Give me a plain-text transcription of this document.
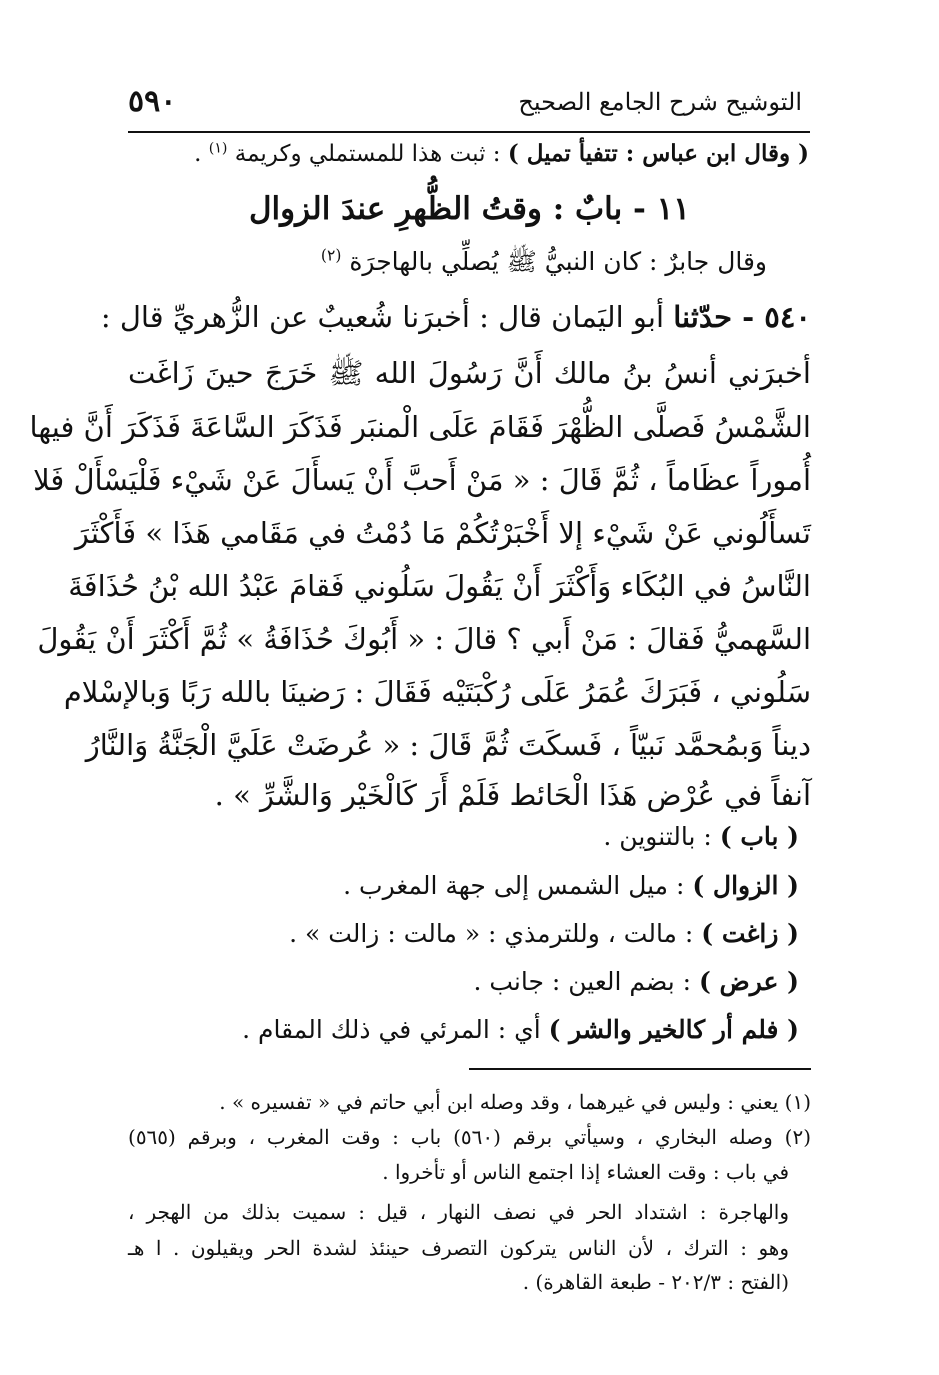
٥٩٠	التوشيح شرح الجامع الصحيح
( وقال ابن عباس : تتفيأ تميل ) : ثبت هذا للمستملي وكريمة $^{(١)}$ .
١١ - بابٌ : وقتُ الظُّهرِ عندَ الزوال
وقال جابرٌ : كان النبيُّ ﷺ يُصلِّي بالهاجرَة $^{(٢)}$
٥٤٠ - حدّثنا أبو اليَمان قال : أخبرَنا شُعيبٌ عن الزُّهريِّ قال :
أخبرَني أنسُ بنُ مالك أَنَّ رَسُولَ الله ﷺ خَرَجَ حينَ زَاغَت
الشَّمْسُ فَصلَّى الظُّهْرَ فَقَامَ عَلَى الْمنبَر فَذَكَرَ السَّاعَةَ فَذَكَرَ أَنَّ فيها
أُموراً عظَاماً ، ثُمَّ قَالَ : « مَنْ أَحبَّ أَنْ يَسأَلَ عَنْ شَيْء فَلْيَسْأَلْ فَلا
تَسأَلُوني عَنْ شَيْء إلا أَخْبَرْتُكُمْ مَا دُمْتُ في مَقَامي هَذَا » فَأَكْثَرَ
النَّاسُ في البُكَاء وَأَكْثَرَ أَنْ يَقُولَ سَلُوني فَقامَ عَبْدُ الله بْنُ حُذَافَةَ
السَّهميُّ فَقالَ : مَنْ أَبي ؟ قالَ : « أَبُوكَ حُذَافَةُ » ثُمَّ أَكْثَرَ أَنْ يَقُولَ
سَلُوني ، فَبَرَكَ عُمَرُ عَلَى رُكْبَتَيْه فَقَالَ : رَضينَا بالله رَبًا وَبالإسْلام
ديناً وَبمُحمَّد نَبيّاً ، فَسكَتَ ثُمَّ قَالَ : « عُرضَتْ عَلَيَّ الْجَنَّةُ وَالنَّارُ
آنفاً في عُرْض هَذَا الْحَائط فَلَمْ أَرَ كَالْخَيْر وَالشَّرِّ » .
( باب ) : بالتنوين .
( الزوال ) : ميل الشمس إلى جهة المغرب .
( زاغت ) : مالت ، وللترمذي : « مالت : زالت » .
( عرض ) : بضم العين : جانب .
( فلم أر كالخير والشر ) أي : المرئي في ذلك المقام .
(١) يعني : وليس في غيرهما ، وقد وصله ابن أبي حاتم في « تفسيره » .
(٢) وصله البخاري ، وسيأتي برقم (٥٦٠) باب : وقت المغرب ، وبرقم (٥٦٥)
في باب : وقت العشاء إذا اجتمع الناس أو تأخروا .
والهاجرة : اشتداد الحر في نصف النهار ، قيل : سميت بذلك من الهجر ،
وهو : الترك ، لأن الناس يتركون التصرف حينئذ لشدة الحر ويقيلون . ا هـ
(الفتح : ٢٠٢/٣ - طبعة القاهرة) .
